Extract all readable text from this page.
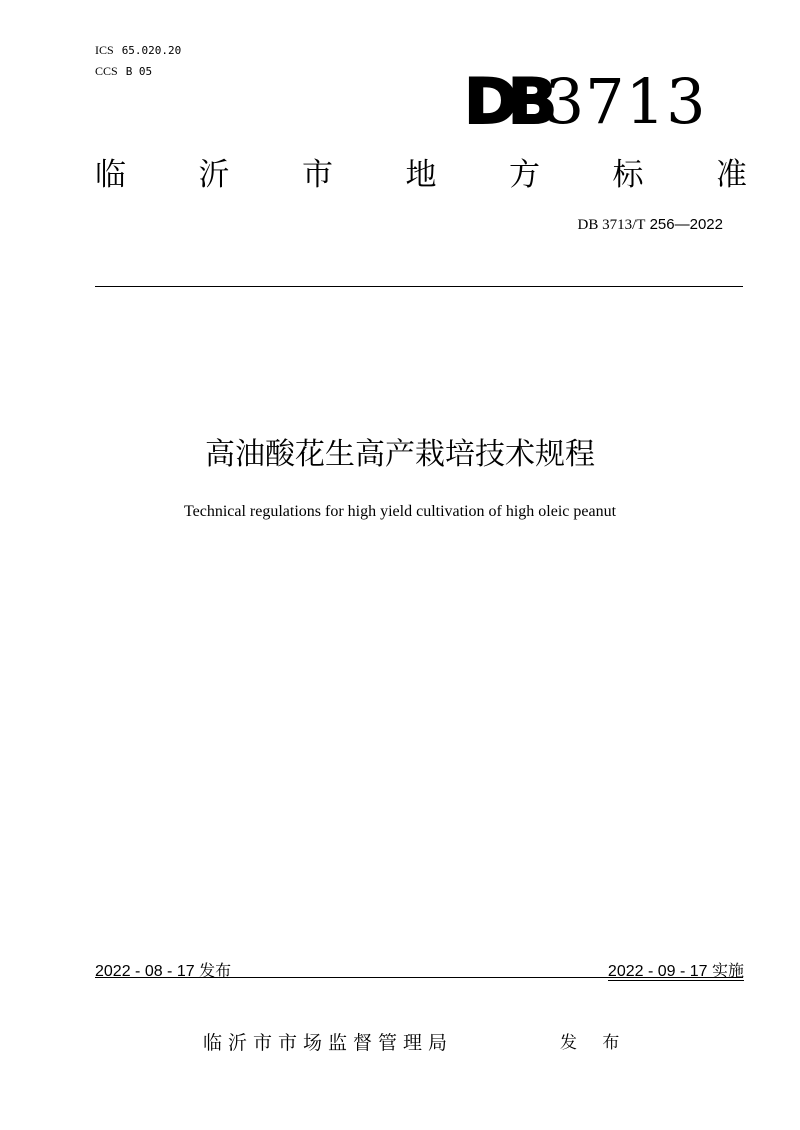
ICS 65.020.20
CCS B 05	DB3713
临 沂 市 地 方 标 准
DB 3713/T 256—2022
高油酸花生高产栽培技术规程
Technical regulations for high yield cultivation of high oleic peanut
2022 - 08 - 17 发布	2022 - 09 - 17 实施
临沂市市场监督管理局	发 布
